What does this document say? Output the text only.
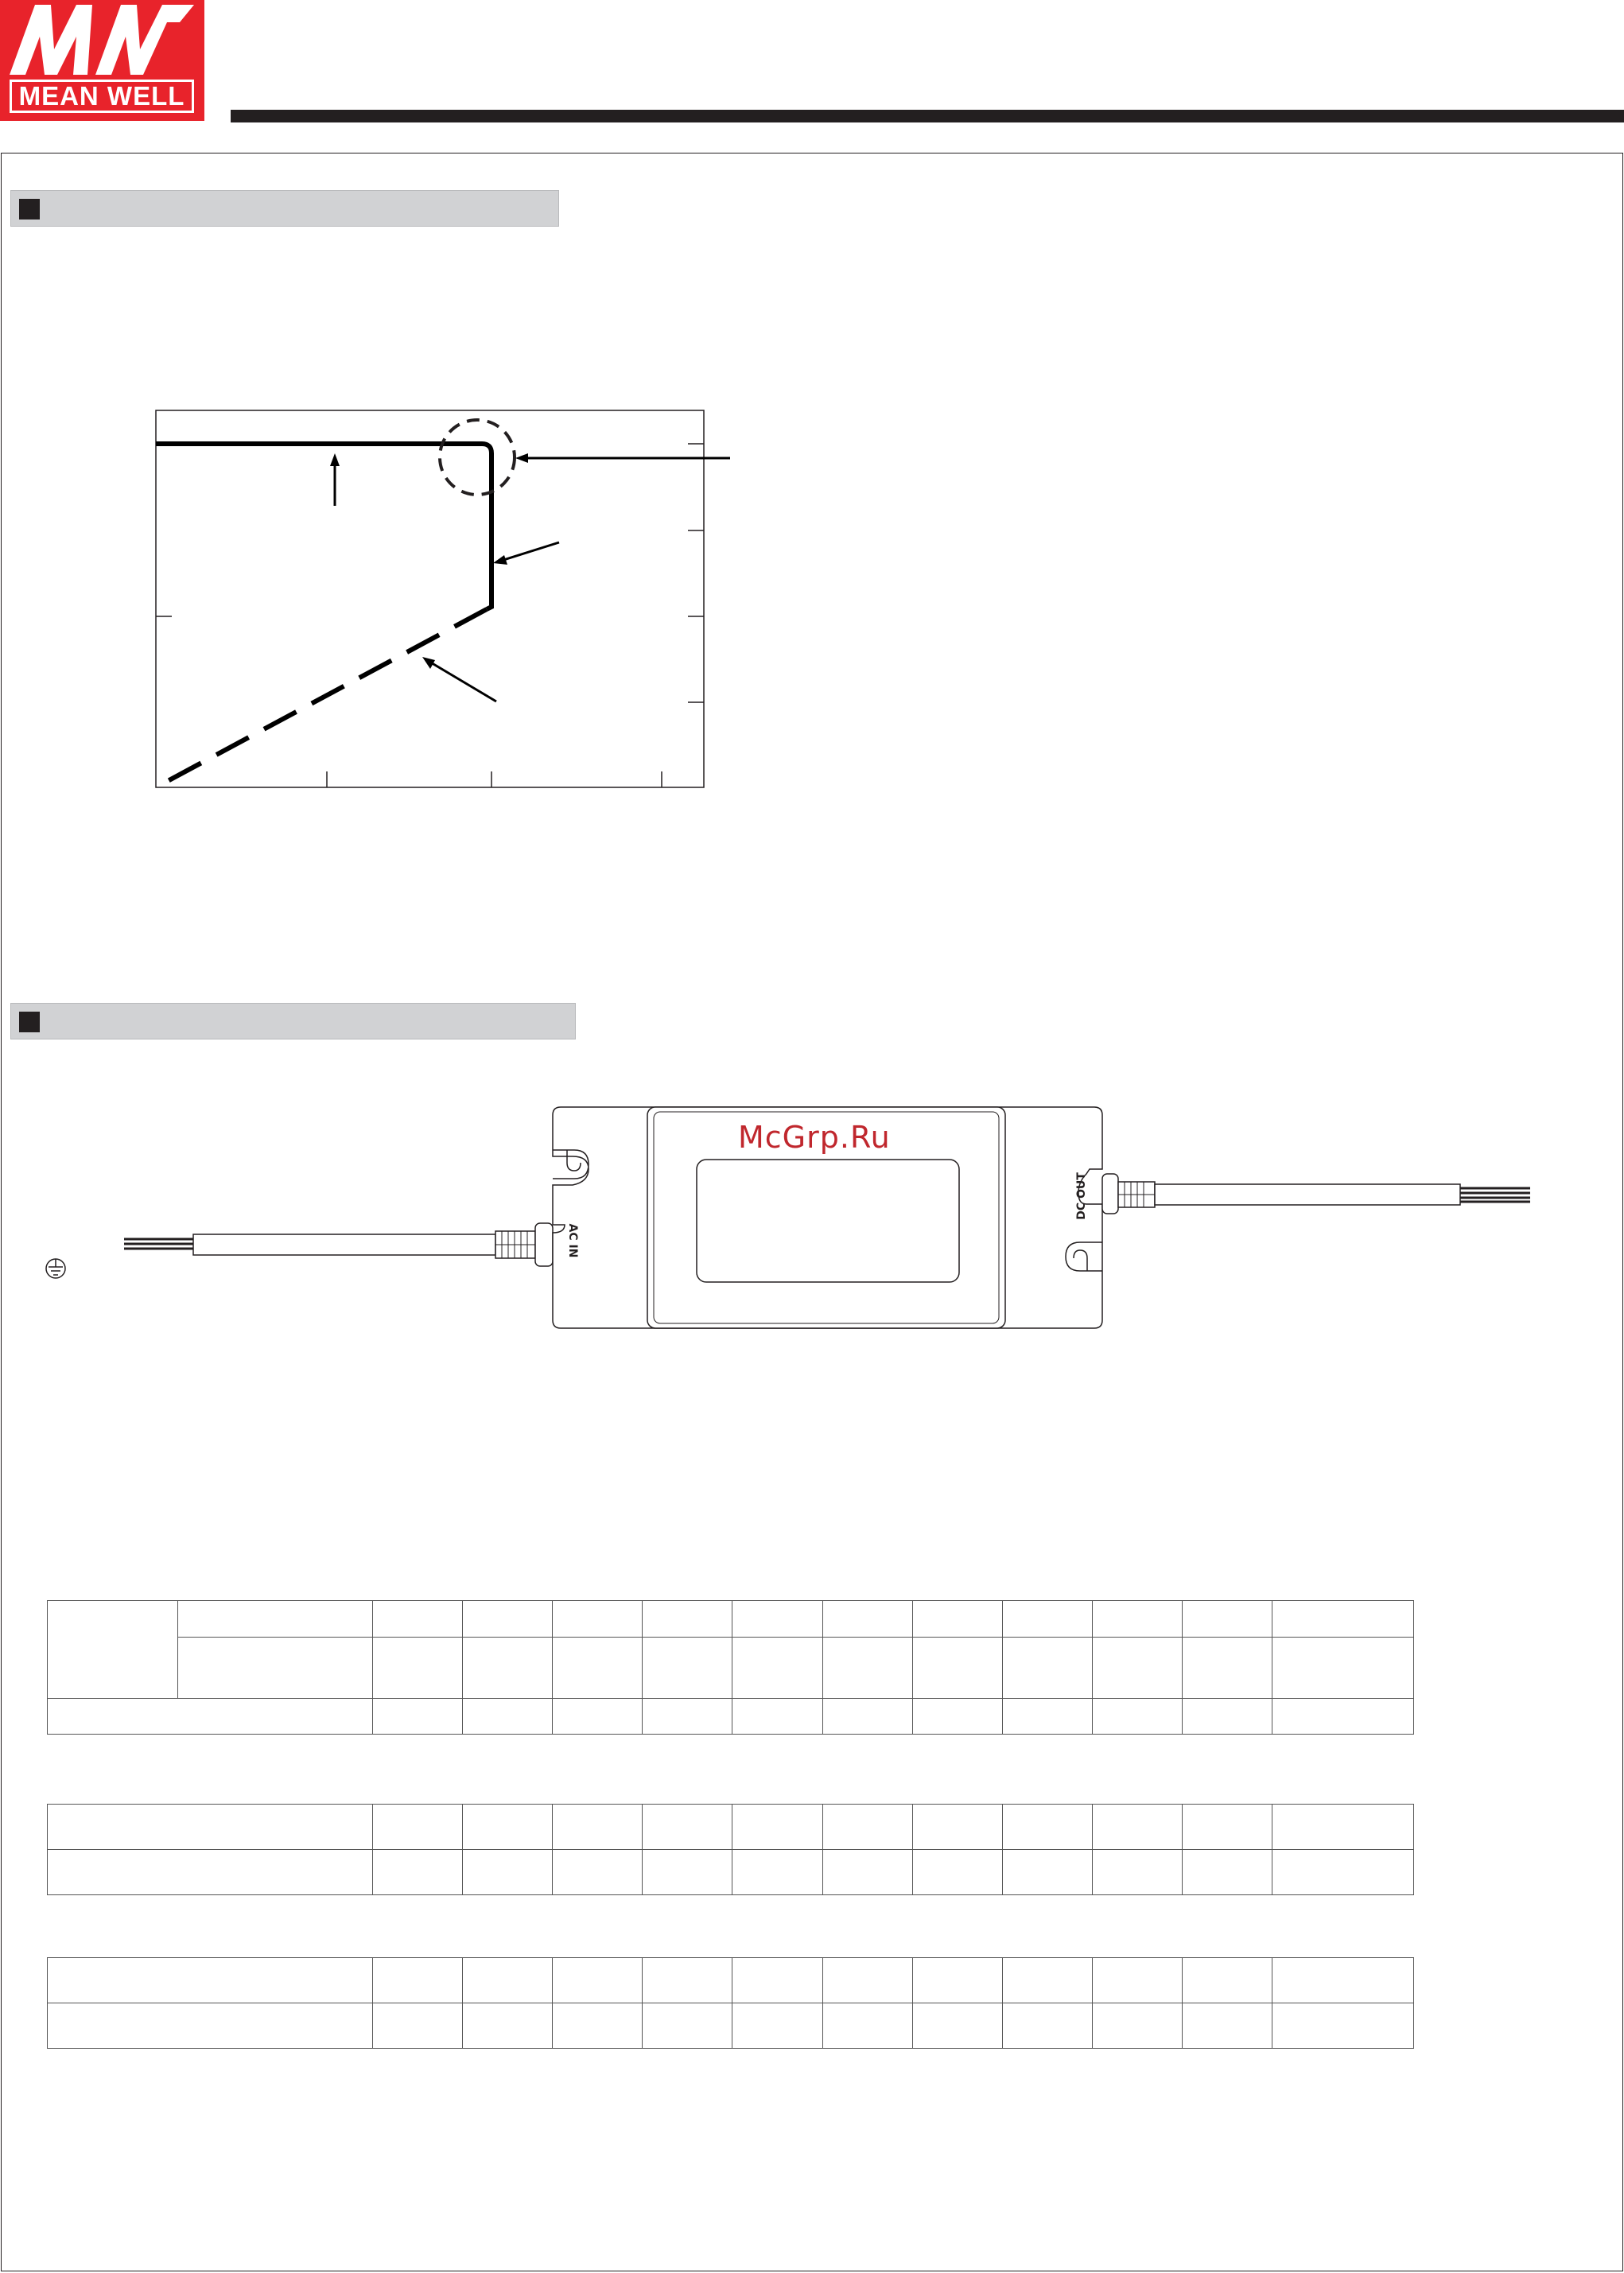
MEAN WELL
AC IN
DC OUT
McGrp.Ru
